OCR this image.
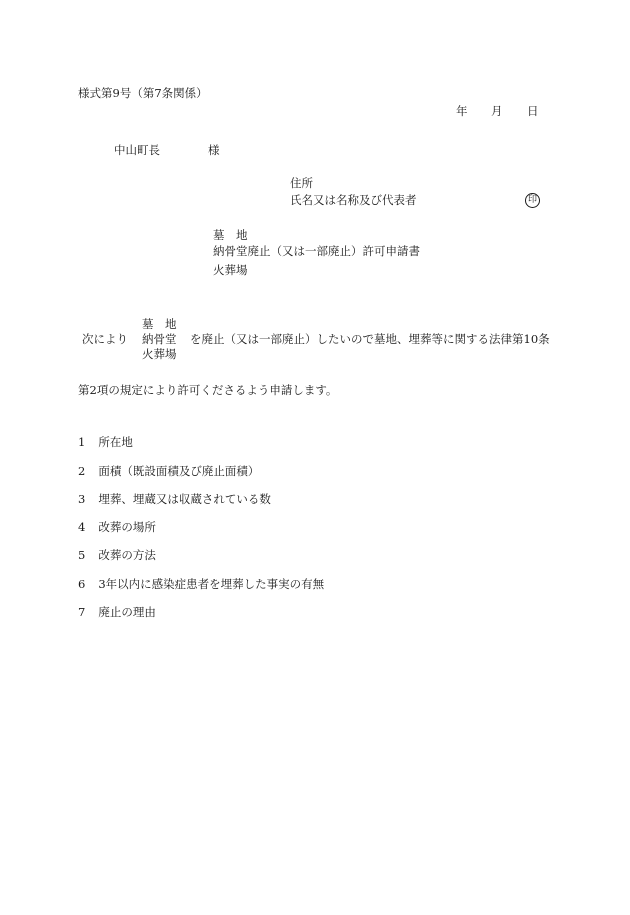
様式第9号（第7条関係）
年 月 日
中山町長	様
住所
氏名又は名称及び代表者	印
墓　地
納骨堂廃止（又は一部廃止）許可申請書
火葬場
墓　地
次により 納骨堂 を廃止（又は一部廃止）したいので墓地、埋葬等に関する法律第10条
火葬場
第2項の規定により許可くださるよう申請します。
1 所在地
2 面積（既設面積及び廃止面積）
3 埋葬、埋蔵又は収蔵されている数
4 改葬の場所
5 改葬の方法
6 3年以内に感染症患者を埋葬した事実の有無
7 廃止の理由
